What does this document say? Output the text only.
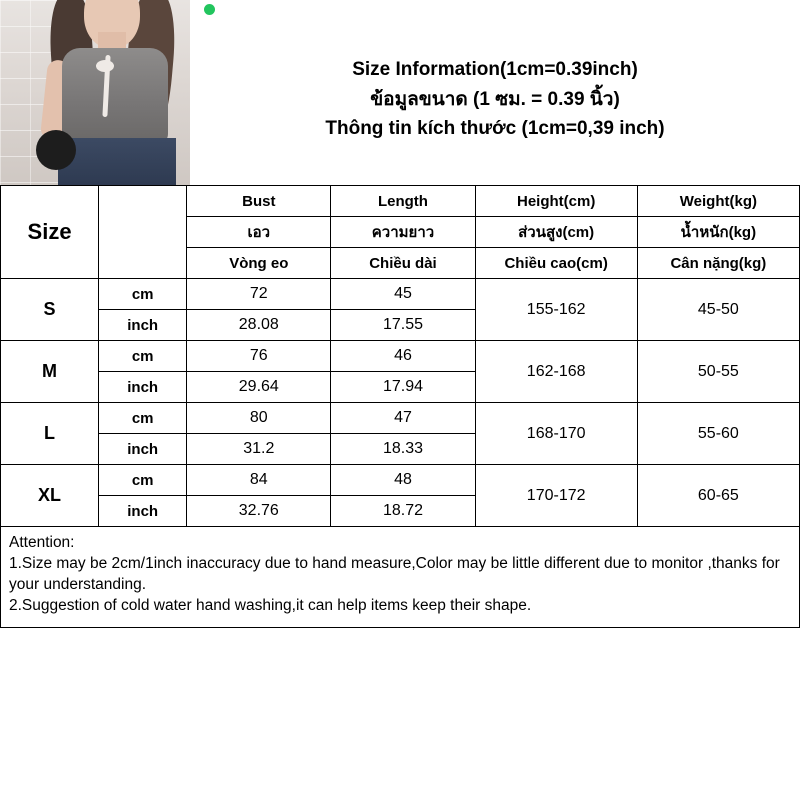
Size Information(1cm=0.39inch)
ข้อมูลขนาด (1 ซม. = 0.39 นิ้ว)
Thông tin kích thước (1cm=0,39 inch)
Size		Bust	Length	Height(cm)	Weight(kg)
		เอว	ความยาว	ส่วนสูง(cm)	น้ำหนัก(kg)
		Vòng eo	Chiều dài	Chiều cao(cm)	Cân nặng(kg)
S	cm	72	45	155-162	45-50
	inch	28.08	17.55		
M	cm	76	46	162-168	50-55
	inch	29.64	17.94		
L	cm	80	47	168-170	55-60
	inch	31.2	18.33		
XL	cm	84	48	170-172	60-65
	inch	32.76	18.72		

Attention:

1.Size may be 2cm/1inch inaccuracy due to hand measure,Color may be little different due to monitor ,thanks for your understanding.

2.Suggestion of cold water hand washing,it can help items keep their shape.
